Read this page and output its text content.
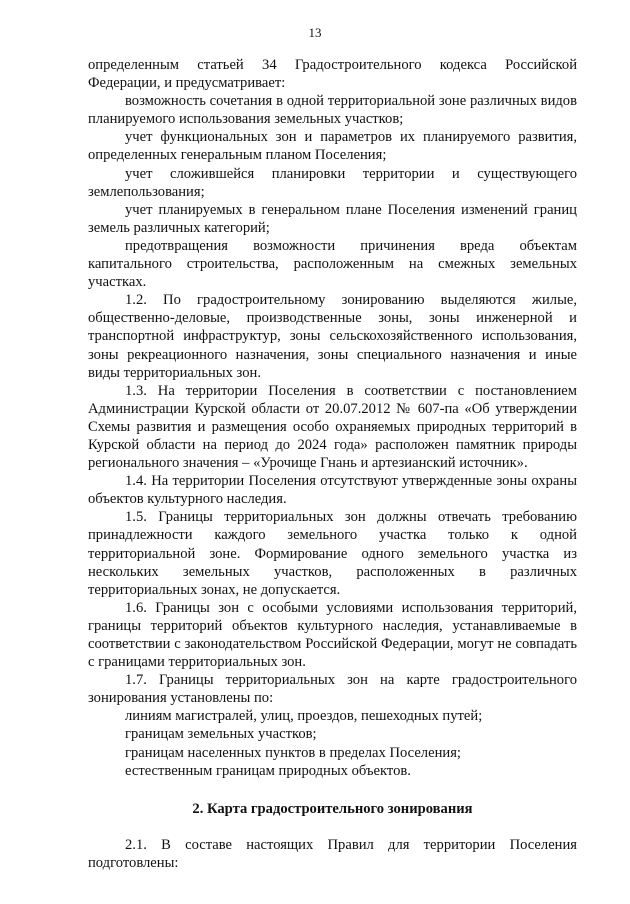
13

определенным статьей 34 Градостроительного кодекса Российской Федерации, и предусматривает:

возможность сочетания в одной территориальной зоне различных видов планируемого использования земельных участков;

учет функциональных зон и параметров их планируемого развития, определенных генеральным планом Поселения;

учет сложившейся планировки территории и существующего землепользования;

учет планируемых в генеральном плане Поселения изменений границ земель различных категорий;

предотвращения возможности причинения вреда объектам капитального строительства, расположенным на смежных земельных участках.

1.2. По градостроительному зонированию выделяются жилые, общественно-деловые, производственные зоны, зоны инженерной и транспортной инфраструктур, зоны сельскохозяйственного использования, зоны рекреационного назначения, зоны специального назначения и иные виды территориальных зон.

1.3. На территории Поселения в соответствии с постановлением Администрации Курской области от 20.07.2012 № 607-па «Об утверждении Схемы развития и размещения особо охраняемых природных территорий в Курской области на период до 2024 года» расположен памятник природы регионального значения – «Урочище Гнань и артезианский источник».

1.4. На территории Поселения отсутствуют утвержденные зоны охраны объектов культурного наследия.

1.5. Границы территориальных зон должны отвечать требованию принадлежности каждого земельного участка только к одной территориальной зоне. Формирование одного земельного участка из нескольких земельных участков, расположенных в различных территориальных зонах, не допускается.

1.6. Границы зон с особыми условиями использования территорий, границы территорий объектов культурного наследия, устанавливаемые в соответствии с законодательством Российской Федерации, могут не совпадать с границами территориальных зон.

1.7. Границы территориальных зон на карте градостроительного зонирования установлены по:

линиям магистралей, улиц, проездов, пешеходных путей;

границам земельных участков;

границам населенных пунктов в пределах Поселения;

естественным границам природных объектов.

2. Карта градостроительного зонирования

2.1. В составе настоящих Правил для территории Поселения подготовлены:
